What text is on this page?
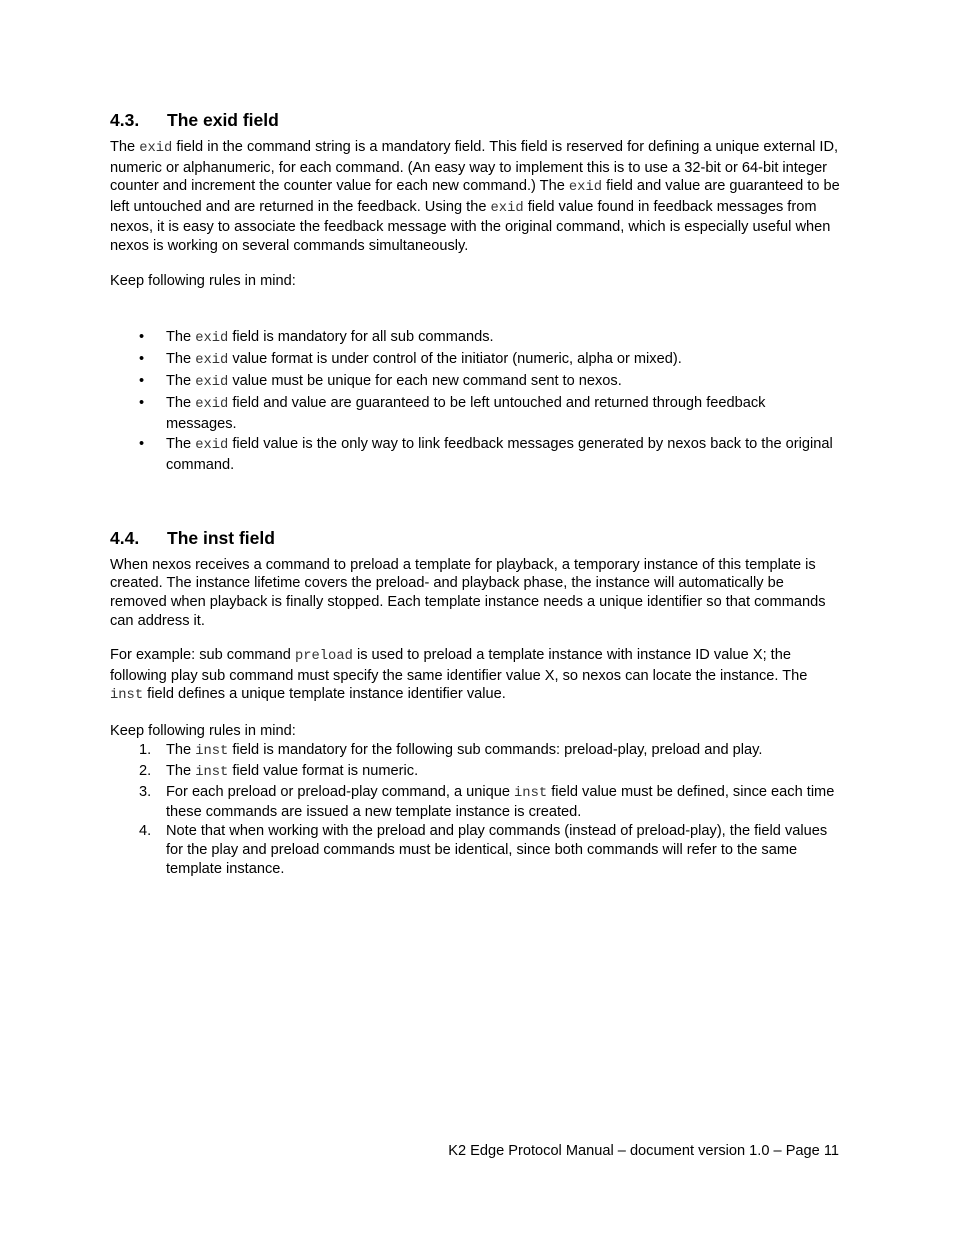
4.3. The exid field

The exid field in the command string is a mandatory field. This field is reserved for defining a unique external ID, numeric or alphanumeric, for each command. (An easy way to implement this is to use a 32-bit or 64-bit integer counter and increment the counter value for each new command.) The exid field and value are guaranteed to be left untouched and are returned in the feedback. Using the exid field value found in feedback messages from nexos, it is easy to associate the feedback message with the original command, which is especially useful when nexos is working on several commands simultaneously.

Keep following rules in mind:

• The exid field is mandatory for all sub commands.
• The exid value format is under control of the initiator (numeric, alpha or mixed).
• The exid value must be unique for each new command sent to nexos.
• The exid field and value are guaranteed to be left untouched and returned through feedback messages.
• The exid field value is the only way to link feedback messages generated by nexos back to the original command.
4.4. The inst field

When nexos receives a command to preload a template for playback, a temporary instance of this template is created. The instance lifetime covers the preload- and playback phase, the instance will automatically be removed when playback is finally stopped. Each template instance needs a unique identifier so that commands can address it.

For example: sub command preload is used to preload a template instance with instance ID value X; the following play sub command must specify the same identifier value X, so nexos can locate the instance. The inst field defines a unique template instance identifier value.

Keep following rules in mind:

1. The inst field is mandatory for the following sub commands: preload-play, preload and play.
2. The inst field value format is numeric.
3. For each preload or preload-play command, a unique inst field value must be defined, since each time these commands are issued a new template instance is created.
4. Note that when working with the preload and play commands (instead of preload-play), the field values for the play and preload commands must be identical, since both commands will refer to the same template instance.
K2 Edge Protocol Manual – document version 1.0 – Page 11
